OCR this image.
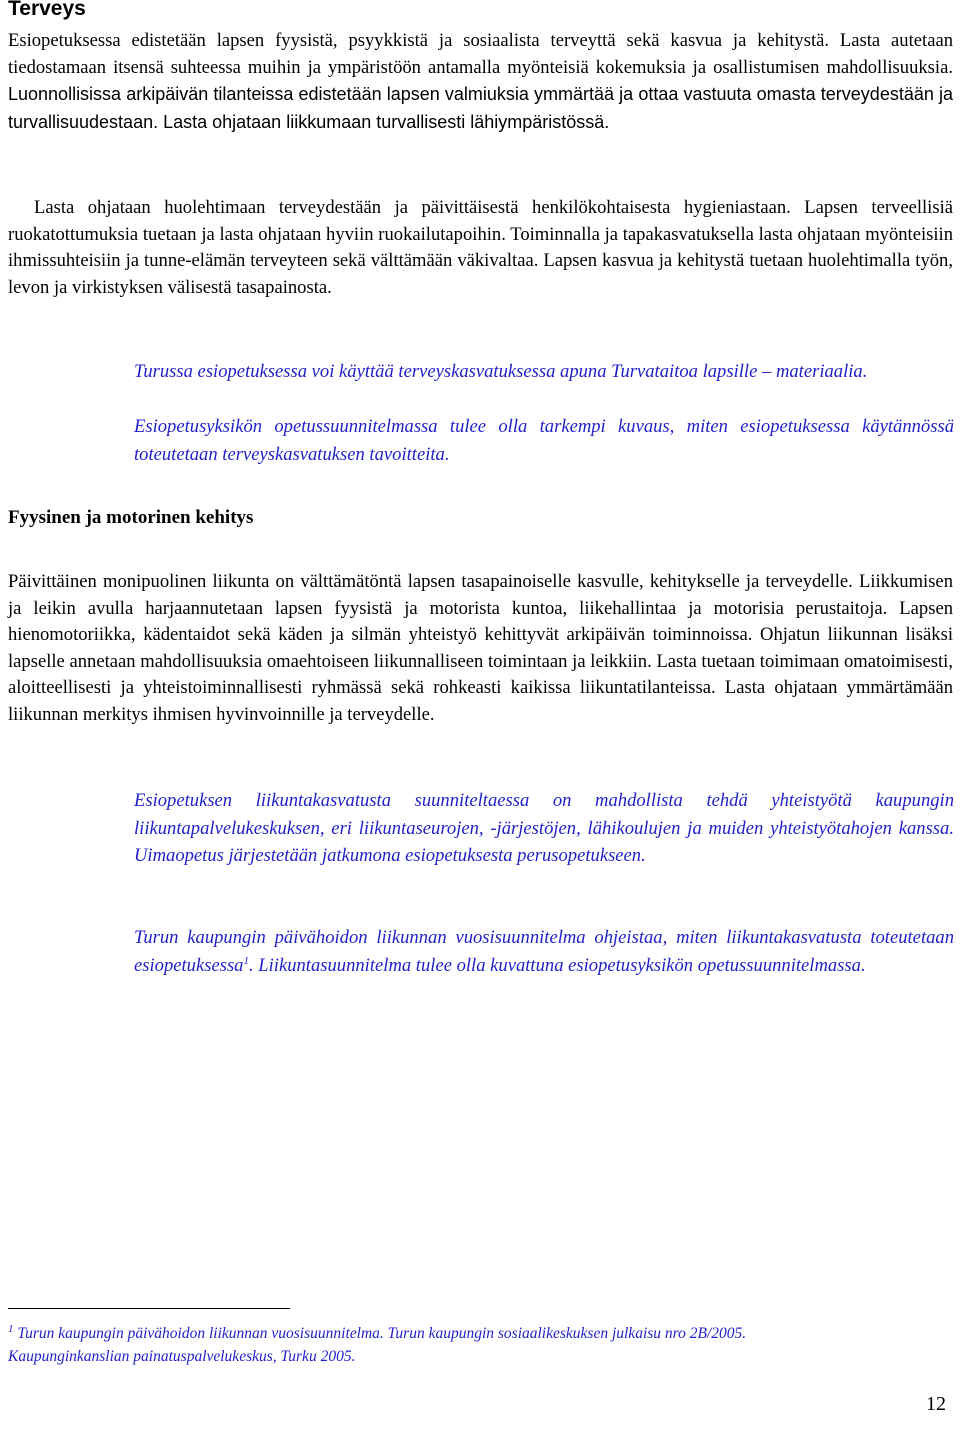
Terveys

Esiopetuksessa edistetään lapsen fyysistä, psyykkistä ja sosiaalista terveyttä sekä kasvua ja kehitystä. Lasta autetaan tiedostamaan itsensä suhteessa muihin ja ympäristöön antamalla myönteisiä kokemuksia ja osallistumisen mahdollisuuksia. Luonnollisissa arkipäivän tilanteissa edistetään lapsen valmiuksia ymmärtää ja ottaa vastuuta omasta terveydestään ja turvallisuudestaan. Lasta ohjataan liikkumaan turvallisesti lähiympäristössä.

Lasta ohjataan huolehtimaan terveydestään ja päivittäisestä henkilökohtaisesta hygieniastaan. Lapsen terveellisiä ruokatottumuksia tuetaan ja lasta ohjataan hyviin ruokailutapoihin. Toiminnalla ja tapakasvatuksella lasta ohjataan myönteisiin ihmissuhteisiin ja tunne-elämän terveyteen sekä välttämään väkivaltaa. Lapsen kasvua ja kehitystä tuetaan huolehtimalla työn, levon ja virkistyksen välisestä tasapainosta.

Turussa esiopetuksessa voi käyttää terveyskasvatuksessa apuna Turvataitoa lapsille – materiaalia.

Esiopetusyksikön opetussuunnitelmassa tulee olla tarkempi kuvaus, miten esiopetuksessa käytännössä toteutetaan terveyskasvatuksen tavoitteita.

Fyysinen ja motorinen kehitys

Päivittäinen monipuolinen liikunta on välttämätöntä lapsen tasapainoiselle kasvulle, kehitykselle ja terveydelle. Liikkumisen ja leikin avulla harjaannutetaan lapsen fyysistä ja motorista kuntoa, liikehallintaa ja motorisia perustaitoja. Lapsen hienomotoriikka, kädentaidot sekä käden ja silmän yhteistyö kehittyvät arkipäivän toiminnoissa. Ohjatun liikunnan lisäksi lapselle annetaan mahdollisuuksia omaehtoiseen liikunnalliseen toimintaan ja leikkiin. Lasta tuetaan toimimaan omatoimisesti, aloitteellisesti ja yhteistoiminnallisesti ryhmässä sekä rohkeasti kaikissa liikuntatilanteissa. Lasta ohjataan ymmärtämään liikunnan merkitys ihmisen hyvinvoinnille ja terveydelle.

Esiopetuksen liikuntakasvatusta suunniteltaessa on mahdollista tehdä yhteistyötä kaupungin liikuntapalvelukeskuksen, eri liikuntaseurojen, -järjestöjen, lähikoulujen ja muiden yhteistyötahojen kanssa. Uimaopetus järjestetään jatkumona esiopetuksesta perusopetukseen.

Turun kaupungin päivähoidon liikunnan vuosisuunnitelma ohjeistaa, miten liikuntakasvatusta toteutetaan esiopetuksessa$^1$. Liikuntasuunnitelma tulee olla kuvattuna esiopetusyksikön opetussuunnitelmassa.

$^1$ Turun kaupungin päivähoidon liikunnan vuosisuunnitelma. Turun kaupungin sosiaalikeskuksen julkaisu nro 2B/2005.
Kaupunginkanslian painatuspalvelukeskus, Turku 2005.

12
